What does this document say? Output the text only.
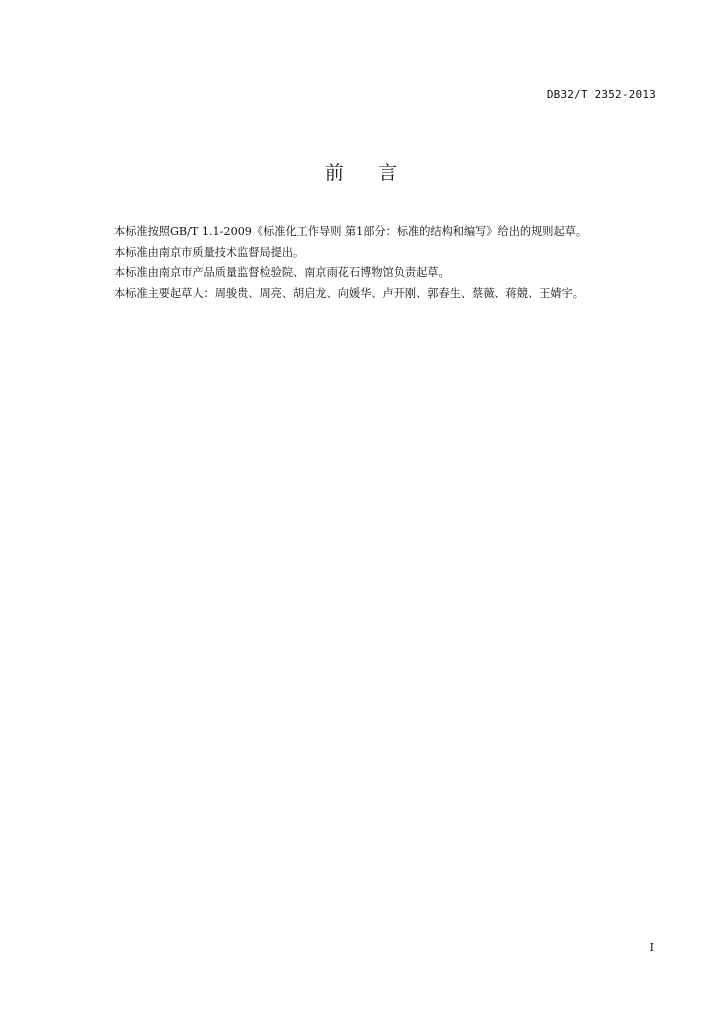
DB32/T 2352-2013
前    言

本标准按照GB/T 1.1-2009《标准化工作导则 第1部分：标准的结构和编写》给出的规则起草。

本标准由南京市质量技术监督局提出。

本标准由南京市产品质量监督检验院、南京雨花石博物馆负责起草。

本标准主要起草人：周骏贵、周亮、胡启龙、向媛华、卢开刚、郭春生、蔡薇、蒋競、王婧宇。

I
